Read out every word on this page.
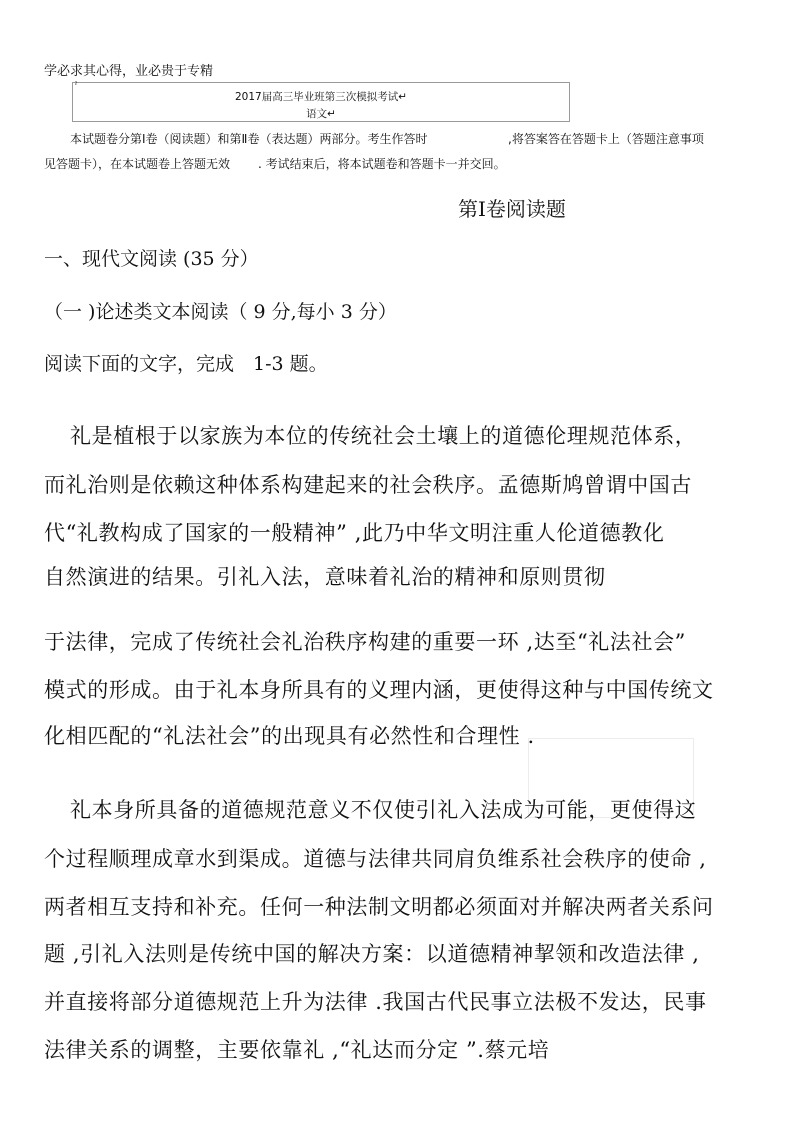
学必求其心得，业必贵于专精
ˀ
2017届高三毕业班第三次模拟考试↵
语文↵
本试题卷分第Ⅰ卷（阅读题）和第Ⅱ卷（表达题）两部分。考生作答时	,将答案答在答题卡上（答题注意事项
见答题卡），在本试题卷上答题无效 . 考试结束后，将本试题卷和答题卡一并交回。
第Ⅰ卷阅读题
一、现代文阅读 (35 分）
（一 )论述类文本阅读（ 9 分,每小 3 分）
阅读下面的文字，完成　1-3 题。
礼是植根于以家族为本位的传统社会土壤上的道德伦理规范体系，
而礼治则是依赖这种体系构建起来的社会秩序。孟德斯鸠曾谓中国古
代“礼教构成了国家的一般精神” ,此乃中华文明注重人伦道德教化
自然演进的结果。引礼入法，意味着礼治的精神和原则贯彻
于法律，完成了传统社会礼治秩序构建的重要一环 ,达至“礼法社会”
模式的形成。由于礼本身所具有的义理内涵，更使得这种与中国传统文
化相匹配的“礼法社会”的出现具有必然性和合理性 .
礼本身所具备的道德规范意义不仅使引礼入法成为可能，更使得这
个过程顺理成章水到渠成。道德与法律共同肩负维系社会秩序的使命 ,
两者相互支持和补充。任何一种法制文明都必须面对并解决两者关系问
题 ,引礼入法则是传统中国的解决方案：以道德精神挈领和改造法律 ,
并直接将部分道德规范上升为法律 .我国古代民事立法极不发达，民事
法律关系的调整，主要依靠礼 ,“礼达而分定 ”.蔡元培
